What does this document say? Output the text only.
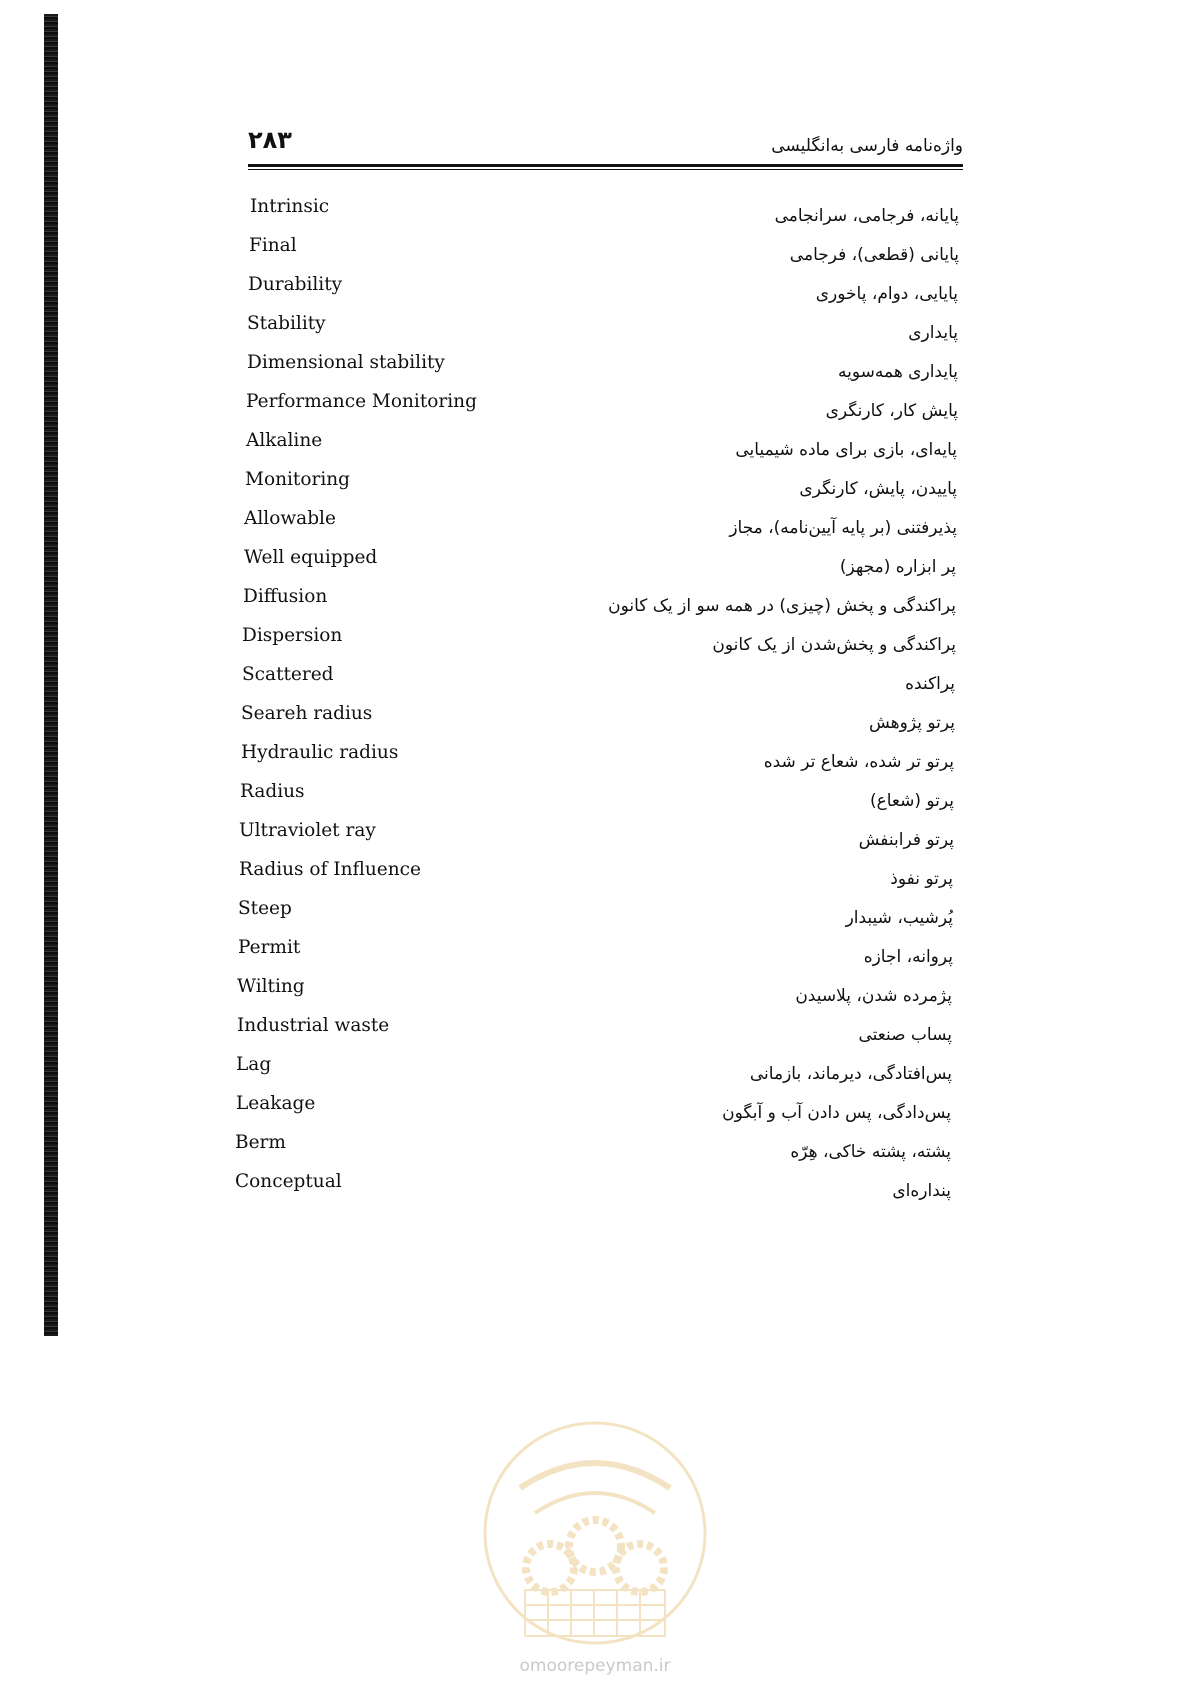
۲۸۳	واژه‌نامه فارسی به‌انگلیسی
Intrinsic	پایانه، فرجامی، سرانجامی
Final	پایانی (قطعی)، فرجامی
Durability	پایایی، دوام، پاخوری
Stability	پایداری
Dimensional stability	پایداری همه‌سویه
Performance Monitoring	پایش کار، کارنگری
Alkaline	پایه‌ای، بازی برای ماده شیمیایی
Monitoring	پاییدن، پایش، کارنگری
Allowable	پذیرفتنی (بر پایه آیین‌نامه)، مجاز
Well equipped	پر ابزاره (مجهز)
Diffusion	پراکندگی و پخش (چیزی) در همه سو از یک کانون
Dispersion	پراکندگی و پخش‌شدن از یک کانون
Scattered	پراکنده
Seareh radius	پرتو پژوهش
Hydraulic radius	پرتو تر شده، شعاع تر شده
Radius	پرتو (شعاع)
Ultraviolet ray	پرتو فرابنفش
Radius of Influence	پرتو نفوذ
Steep	پُرشیب، شیبدار
Permit	پروانه، اجازه
Wilting	پژمرده شدن، پلاسیدن
Industrial waste	پساب صنعتی
Lag	پس‌افتادگی، دیرماند، بازمانی
Leakage	پس‌دادگی، پس دادن آب و آبگون
Berm	پشته، پشته خاکی، هِرّه
Conceptual	پنداره‌ای
omoorepeyman.ir
